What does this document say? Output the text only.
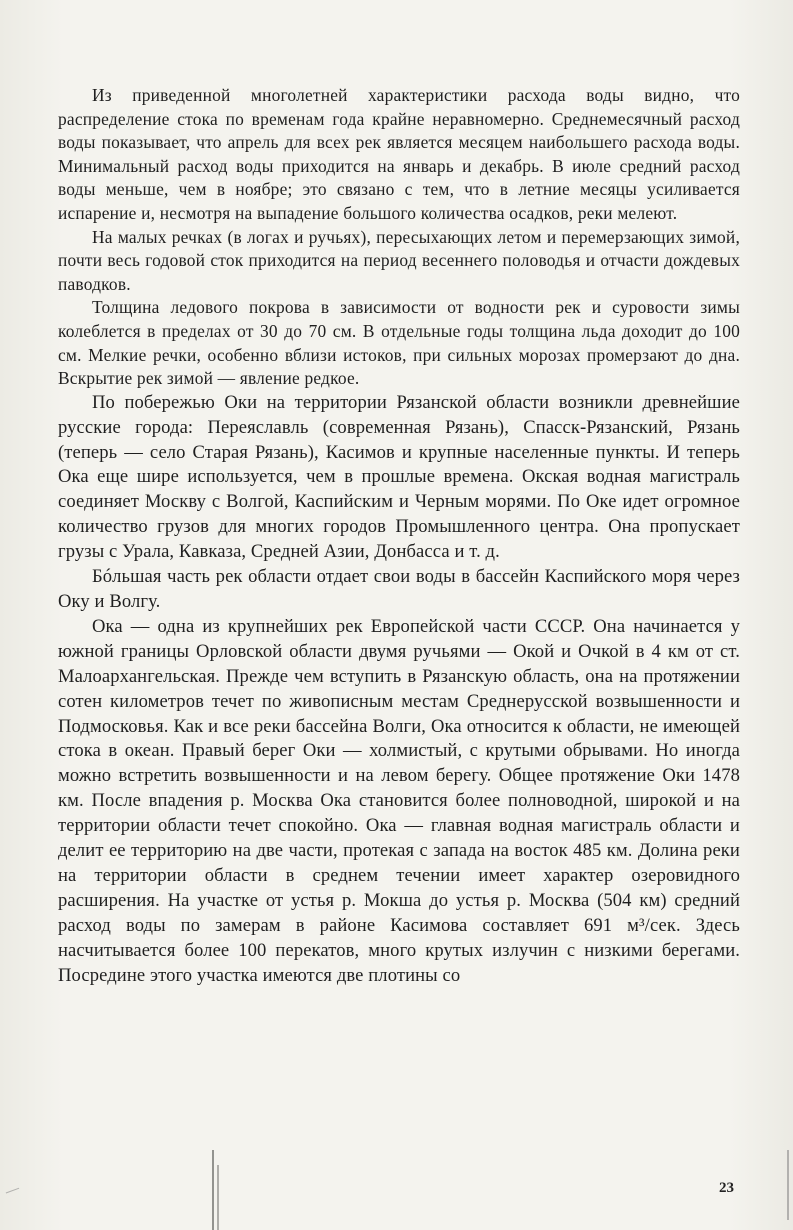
Из приведенной многолетней характеристики расхода воды видно, что распределение стока по временам года крайне неравномерно. Среднемесячный расход воды показывает, что апрель для всех рек является месяцем наибольшего расхода воды. Минимальный расход воды приходится на январь и декабрь. В июле средний расход воды меньше, чем в ноябре; это связано с тем, что в летние месяцы усиливается испарение и, несмотря на выпадение большого количества осадков, реки мелеют.

На малых речках (в логах и ручьях), пересыхающих летом и перемерзающих зимой, почти весь годовой сток приходится на период весеннего половодья и отчасти дождевых паводков.

Толщина ледового покрова в зависимости от водности рек и суровости зимы колеблется в пределах от 30 до 70 см. В отдельные годы толщина льда доходит до 100 см. Мелкие речки, особенно вблизи истоков, при сильных морозах промерзают до дна. Вскрытие рек зимой — явление редкое.

По побережью Оки на территории Рязанской области возникли древнейшие русские города: Переяславль (современная Рязань), Спасск-Рязанский, Рязань (теперь — село Старая Рязань), Касимов и крупные населенные пункты. И теперь Ока еще шире используется, чем в прошлые времена. Окская водная магистраль соединяет Москву с Волгой, Каспийским и Черным морями. По Оке идет огромное количество грузов для многих городов Промышленного центра. Она пропускает грузы с Урала, Кавказа, Средней Азии, Донбасса и т. д.

Бóльшая часть рек области отдает свои воды в бассейн Каспийского моря через Оку и Волгу.

Ока — одна из крупнейших рек Европейской части СССР. Она начинается у южной границы Орловской области двумя ручьями — Окой и Очкой в 4 км от ст. Малоархангельская. Прежде чем вступить в Рязанскую область, она на протяжении сотен километров течет по живописным местам Среднерусской возвышенности и Подмосковья. Как и все реки бассейна Волги, Ока относится к области, не имеющей стока в океан. Правый берег Оки — холмистый, с крутыми обрывами. Но иногда можно встретить возвышенности и на левом берегу. Общее протяжение Оки 1478 км. После впадения р. Москва Ока становится более полноводной, широкой и на территории области течет спокойно. Ока — главная водная магистраль области и делит ее территорию на две части, протекая с запада на восток 485 км. Долина реки на территории области в среднем течении имеет характер озеровидного расширения. На участке от устья р. Мокша до устья р. Москва (504 км) средний расход воды по замерам в районе Касимова составляет 691 м³/сек. Здесь насчитывается более 100 перекатов, много крутых излучин с низкими берегами. Посредине этого участка имеются две плотины со

23
